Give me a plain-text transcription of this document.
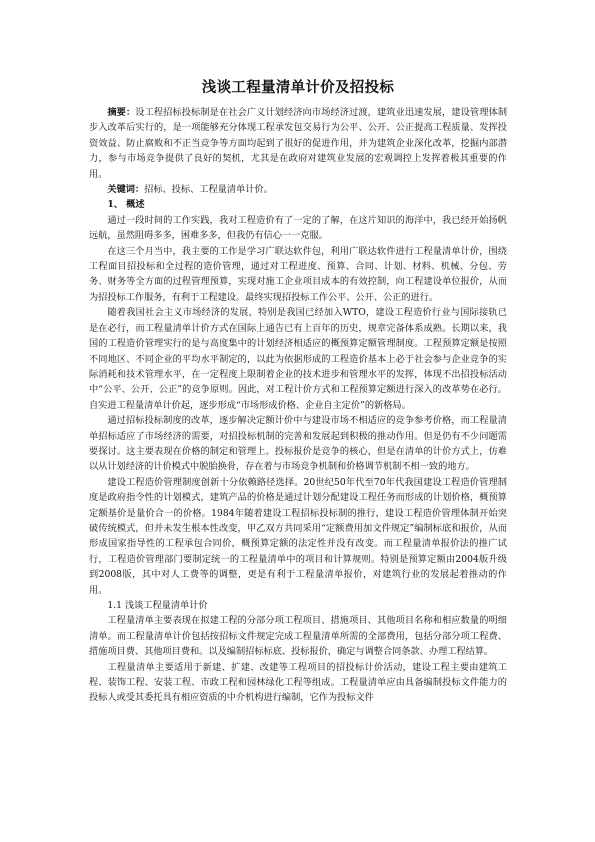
浅谈工程量清单计价及招投标

摘要：设工程招标投标制是在社会广义计划经济向市场经济过渡，建筑业迅速发展，建设管理体制步入改革后实行的，是一项能够充分体现工程承发包交易行为公平、公开、公正提高工程质量、发挥投资效益、防止腐败和不正当竞争等方面均起到了很好的促进作用，并为建筑企业深化改革，挖掘内部潜力，参与市场竞争提供了良好的契机，尤其是在政府对建筑业发展的宏观调控上发挥着极其重要的作用。

关键词：招标、投标、工程量清单计价。

1、 概述

通过一段时间的工作实践，我对工程造价有了一定的了解，在这片知识的海洋中，我已经开始扬帆远航，虽然阻碍多多，困难多多，但我仍有信心一一克服。

在这三个月当中，我主要的工作是学习广联达软件包，利用广联达软件进行工程量清单计价，围绕工程面目招投标和全过程的造价管理，通过对工程进度、预算、合同、计划、材料、机械、分包、劳务、财务等全方面的过程管理预算，实现对施工企业项目成本的有效控制，向工程建设单位报价，从而为招投标工作服务，有利于工程建设。最终实现招投标工作公平、公开、公正的进行。

随着我国社会主义市场经济的发展，特别是我国已经加入WTO，建设工程造价行业与国际接轨已是在必行，而工程量清单计价方式在国际上通告已有上百年的历史，规章完备体系成熟。长期以来，我国的工程造价管理实行的是与高度集中的计划经济相适应的概预算定额管理制度。工程预算定额是按照不同地区、不同企业的平均水平制定的，以此为依据形成的工程造价基本上必于社会参与企业竞争的实际消耗和技术管理水平，在一定程度上限制着企业的技术进步和管理水平的发挥，体现不出招投标活动中“公平、公开、公正”的竞争原则。因此，对工程计价方式和工程预算定额进行深入的改革势在必行。自实进工程量清单计价起，逐步形成“市场形成价格、企业自主定价”的新格局。

通过招标投标制度的改革，逐步解决定额计价中与建设市场不相适应的竞争参考价格，而工程量清单招标适应了市场经济的需要，对招投标机制的完善和发展起到积极的推动作用。但是仍有不少问题需要探讨。这主要表现在价格的制定和管理上。投标报价是竞争的核心，但是在清单的计价方式上，仿难以从计划经济的计价模式中脱胎换骨，存在着与市场竞争机制和价格调节机制不相一致的地方。

建设工程造价管理制度创新十分依赖路径选择。20世纪50年代至70年代我国建设工程造价管理制度是政府指令性的计划模式，建筑产品的价格是通过计划分配建设工程任务而形成的计划价格，概预算定额基价是量价合一的价格。1984年随着建设工程招标投标制的推行，建设工程造价管理体制开始突破传统模式，但并未发生根本性改变，甲乙双方共同采用“定额费用加文件规定”编制标底和报价，从而形成国家指导性的工程承包合同价，概预算定额的法定性并没有改变。而工程量清单报价法的推广试行，工程造价管理部门要制定统一的工程量清单中的项目和计算规则。特别是预算定额由2004版升级到2008版，其中对人工费等的调整，更是有利于工程量清单报价，对建筑行业的发展起着推动的作用。

1.1 浅谈工程量清单计价

工程量清单主要表现在拟建工程的分部分项工程项目、措施项目、其他项目名称和相应数量的明细清单。而工程量清单计价包括按招标文件规定完成工程量清单所需的全部费用，包括分部分项工程费、措施项目费、其他项目费和。以及编制招标标底、投标报价，确定与调整合同条款、办理工程结算。

工程量清单主要适用于新建、扩建、改建等工程项目的招投标计价活动，建设工程主要由建筑工程、装饰工程、安装工程、市政工程和园林绿化工程等组成。工程量清单应由具备编制投标文件能力的投标人或受其委托具有相应资质的中介机构进行编制，它作为投标文件
